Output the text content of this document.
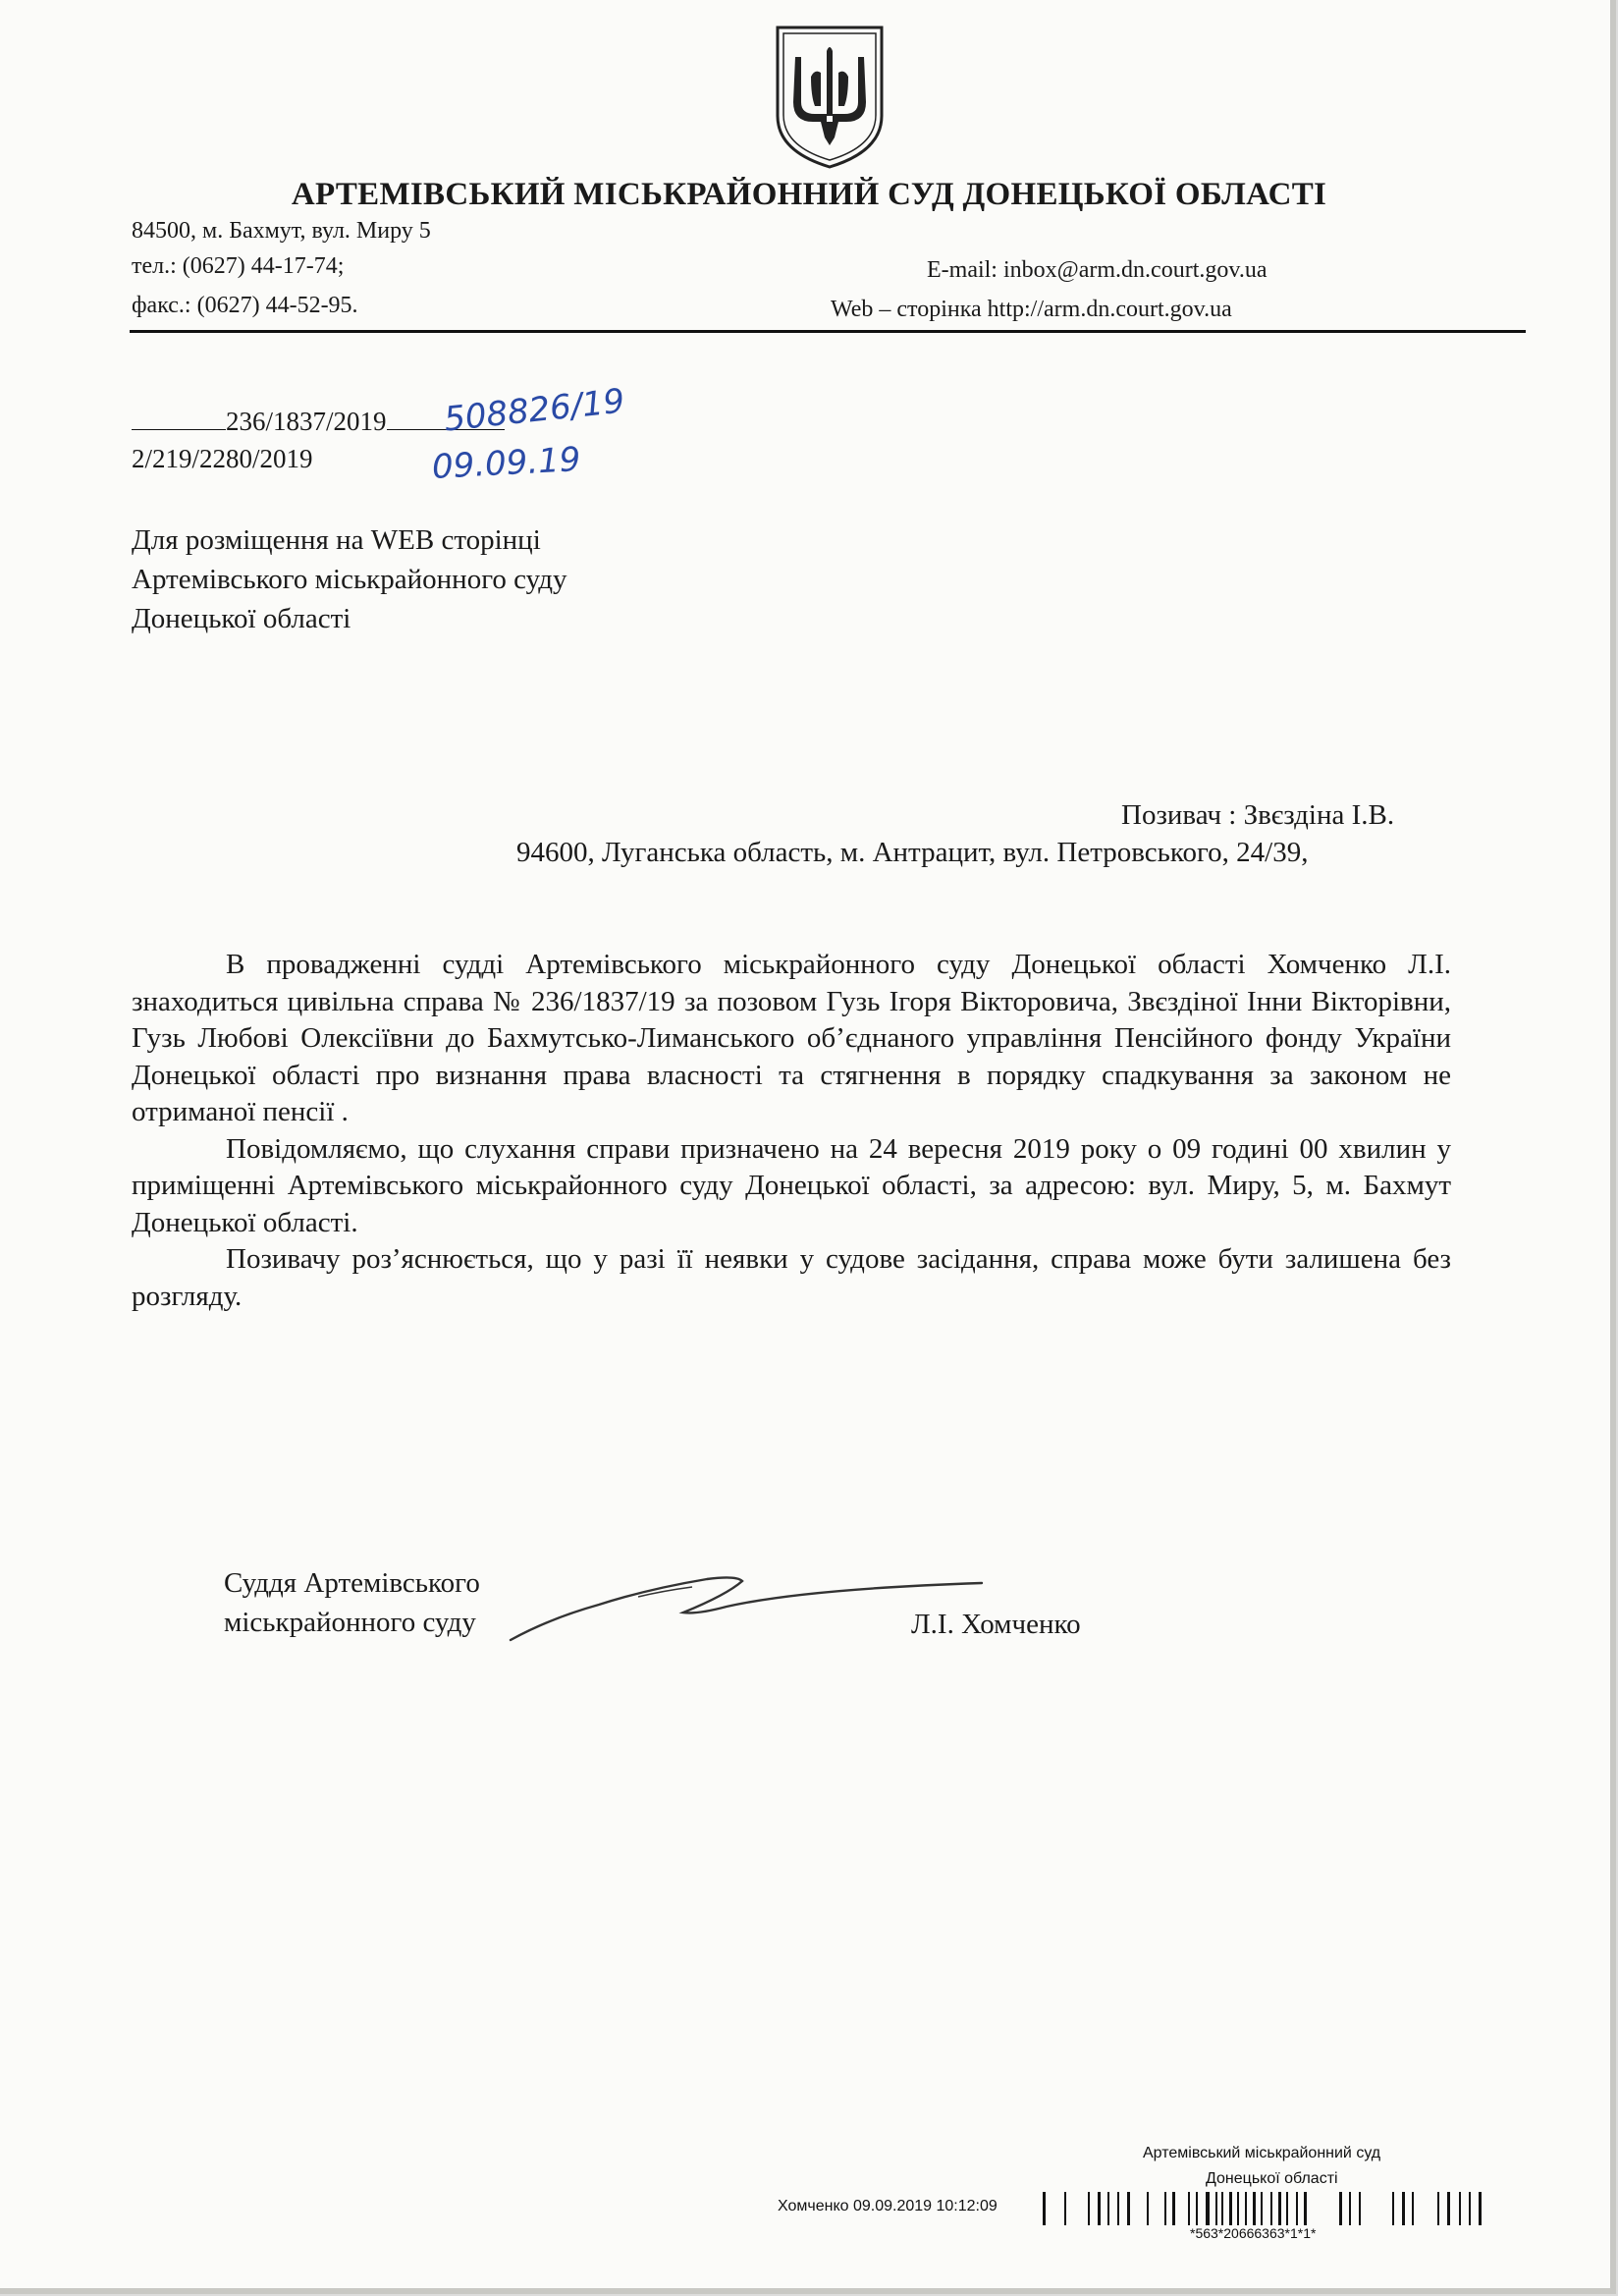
АРТЕМІВСЬКИЙ МІСЬКРАЙОННИЙ СУД ДОНЕЦЬКОЇ ОБЛАСТІ
84500, м. Бахмут, вул. Миру 5
тел.: (0627) 44-17-74;
факс.: (0627) 44-52-95.
E-mail: inbox@arm.dn.court.gov.ua
Web – сторінка http://arm.dn.court.gov.ua
236/1837/2019
2/219/2280/2019
508826/19
09.09.19
Для розміщення на WEB сторінці
Артемівського міськрайонного суду
Донецької області
Позивач : Звєздіна І.В.
94600, Луганська область, м. Антрацит, вул. Петровського, 24/39,

В провадженні судді Артемівського міськрайонного суду Донецької області Хомченко Л.І. знаходиться цивільна справа № 236/1837/19 за позовом Гузь Ігоря Вікторовича, Звєздіної Інни Вікторівни, Гузь Любові Олексіївни до Бахмутсько-Лиманського об’єднаного управління Пенсійного фонду України Донецької області про визнання права власності та стягнення в порядку спадкування за законом не отриманої пенсії .

Повідомляємо, що слухання справи призначено на 24 вересня 2019 року о 09 годині 00 хвилин у приміщенні Артемівського міськрайонного суду Донецької області, за адресою: вул. Миру, 5, м. Бахмут Донецької області.

Позивачу роз’яснюється, що у разі її неявки у судове засідання, справа може бути залишена без розгляду.

Суддя Артемівського
міськрайонного суду	Л.І. Хомченко
Артемівський міськрайонний суд
Донецької області
Хомченко 09.09.2019 10:12:09
*563*20666363*1*1*
